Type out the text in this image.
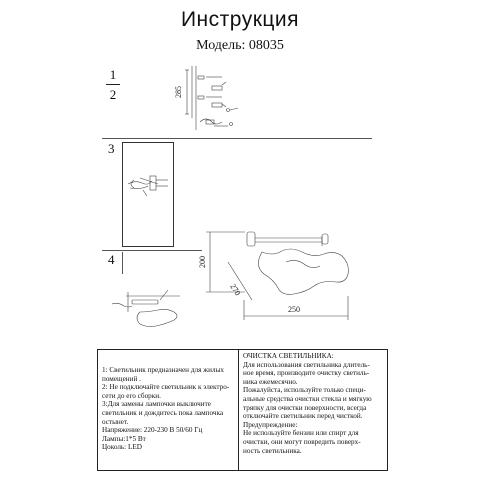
Инструкция
Модель: 08035
1
2
3
4
285
200
270
250

1: Светильник предназначен для жилых

помещений .

2: Не подключайте светильник к электро-

сети до его сборки.

3:Для замены лампочки выключите

светильник и дождитесь пока лампочка

остынет.

Напряжение: 220-230 В 50/60 Гц

Лампы:1*5 Вт

Цоколь: LED

ОЧИСТКА СВЕТИЛЬНИКА:

Для использования светильника длитель-

ное время, производите очистку светиль-

ника ежемесячно.

Пожалуйста, используйте только специ-

альные средства очистки стекла и мягкую

тряпку для очистки поверхности, всегда

отключайте светильник перед чисткой.

Предупреждение:

Не используйте бензин или спирт для

очистки, они могут повредить поверх-

ность светильника.
